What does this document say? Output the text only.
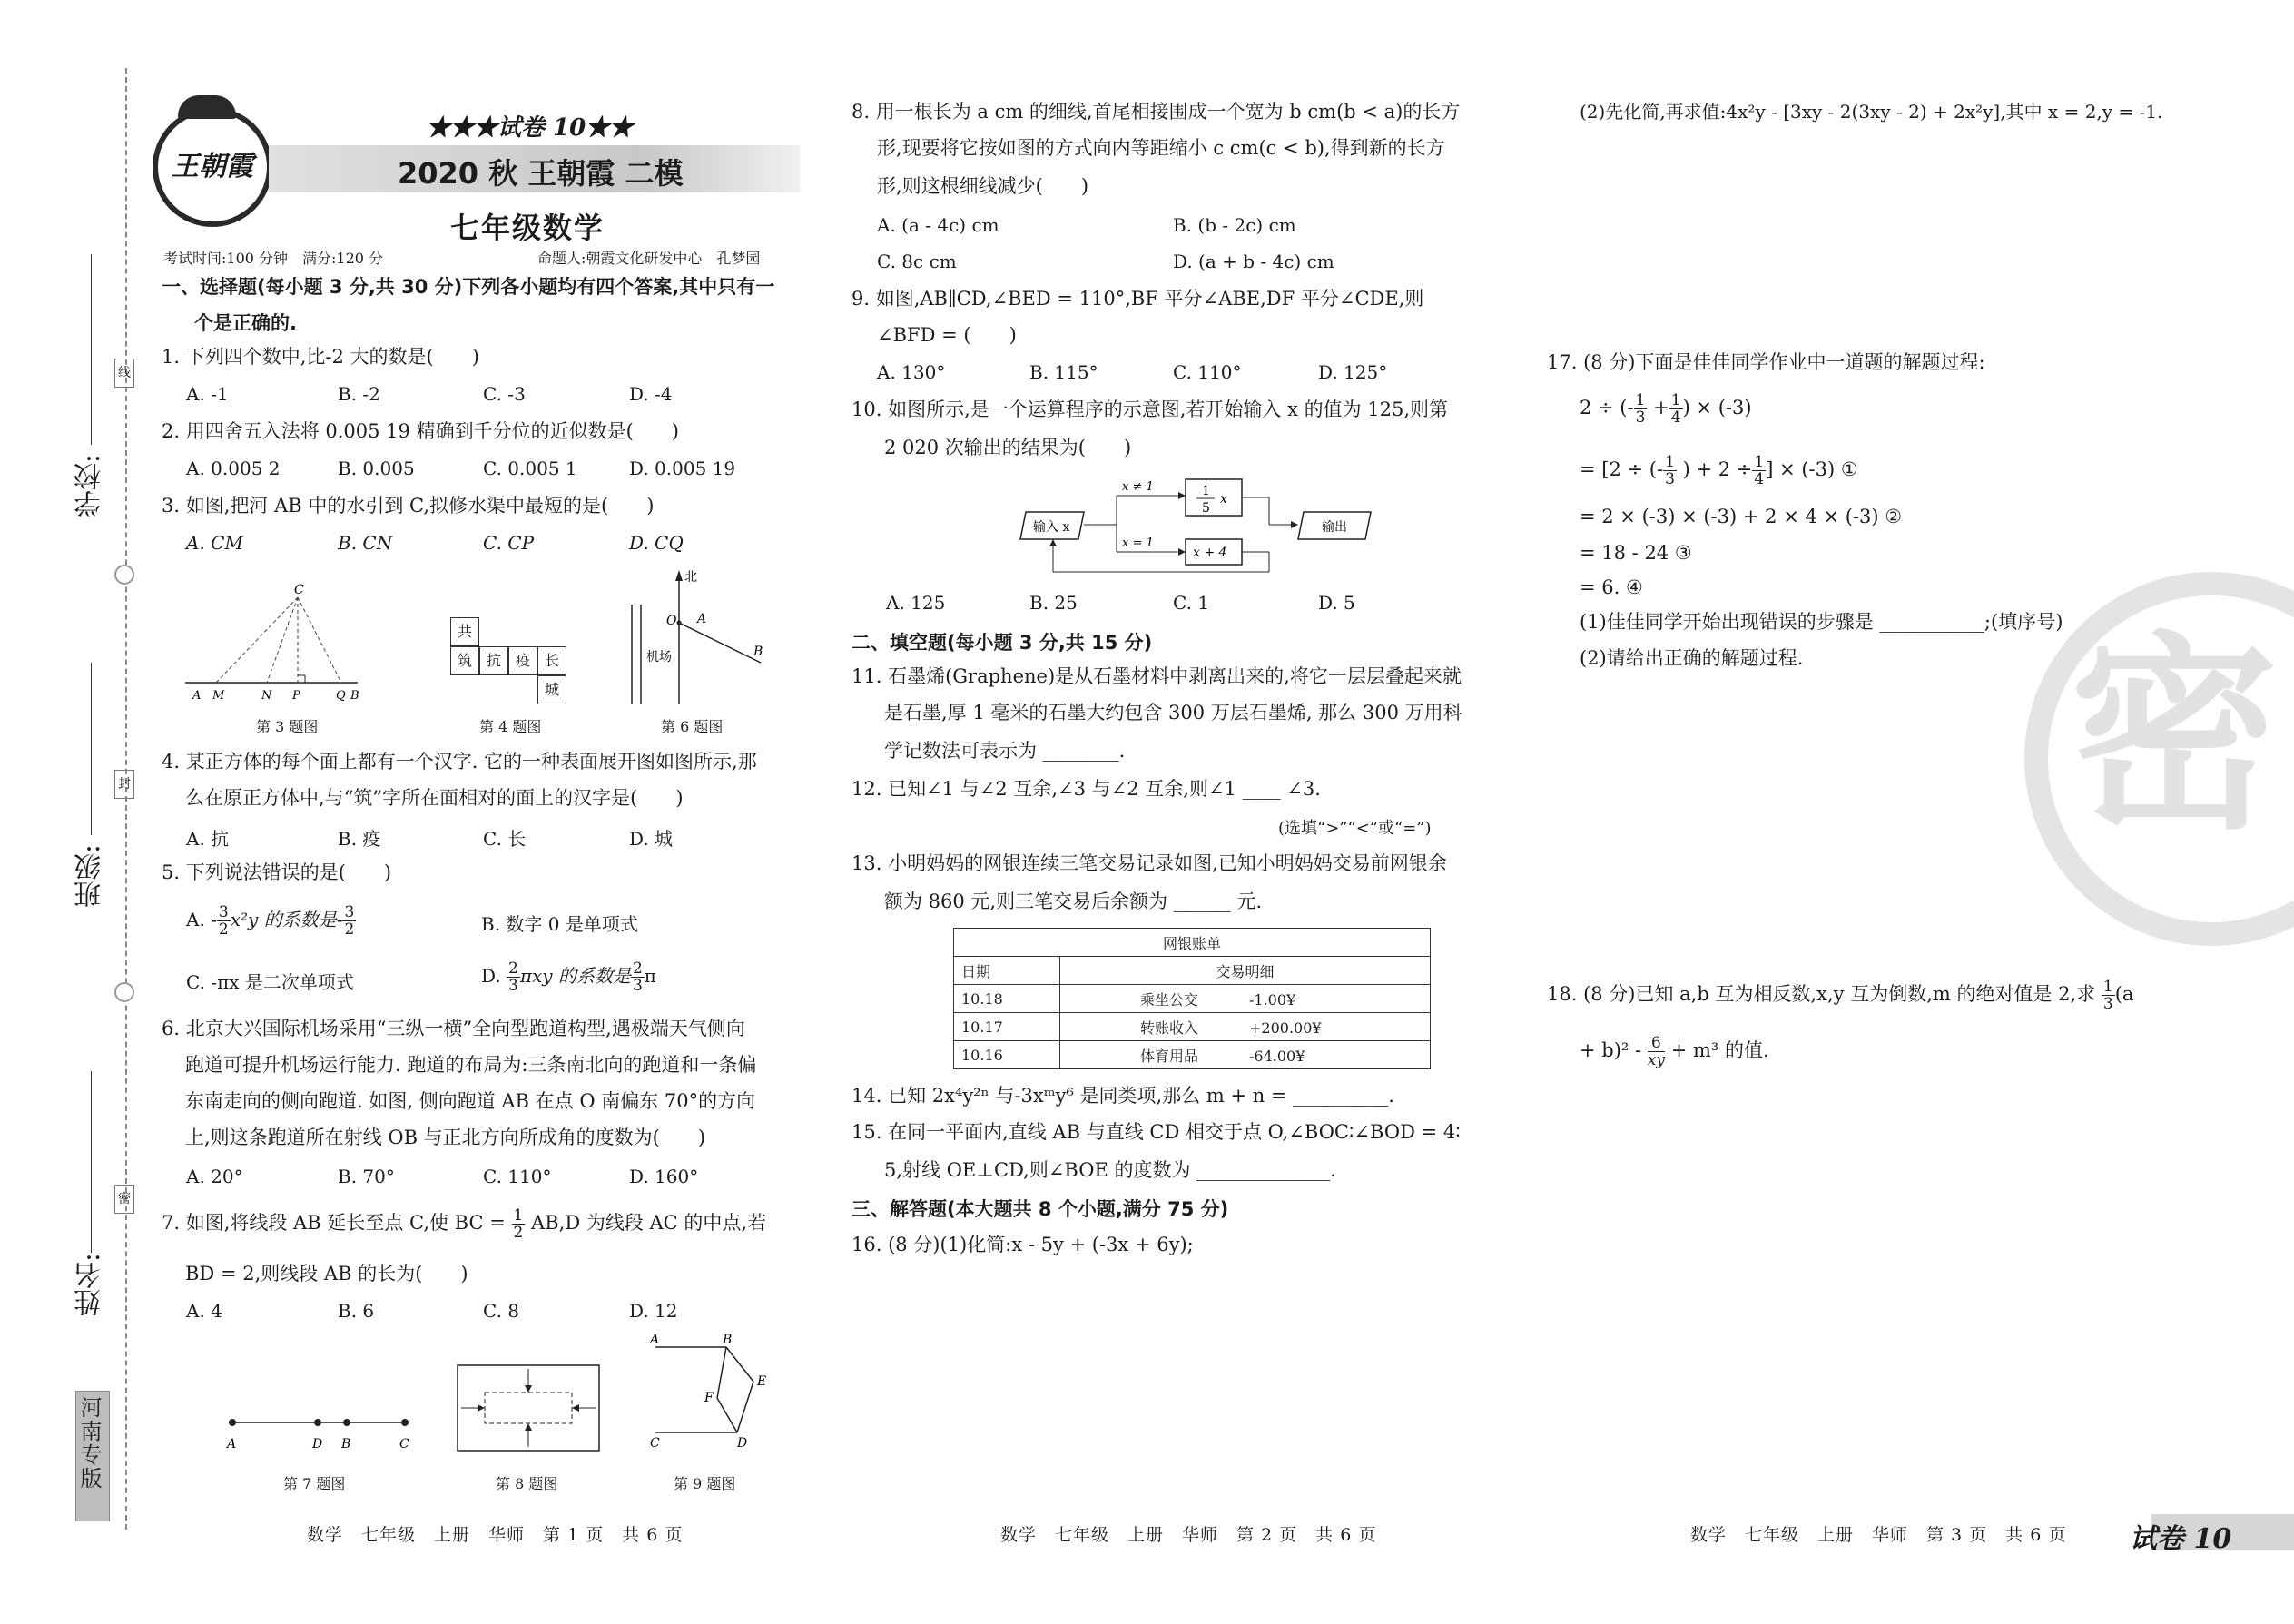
学校:
班级:
姓名:
线
封
密
河南专版
王朝霞
★★★试卷 10★★
2020 秋 王朝霞 二模
七年级数学
考试时间:100 分钟　满分:120 分	命题人:朝霞文化研发中心　孔梦园
一、选择题(每小题 3 分,共 30 分)下列各小题均有四个答案,其中只有一
个是正确的.
1. 下列四个数中,比-2 大的数是(　　)
A. -1	B. -2	C. -3	D. -4
2. 用四舍五入法将 0.005 19 精确到千分位的近似数是(　　)
A. 0.005 2	B. 0.005	C. 0.005 1	D. 0.005 19
3. 如图,把河 AB 中的水引到 C,拟修水渠中最短的是(　　)
A. CM	B. CN	C. CP	D. CQ
C
A M	N P	Q B
第 3 题图
共
筑 抗 疫 长
城
第 4 题图
北
机场
O A
B
第 6 题图
4. 某正方体的每个面上都有一个汉字. 它的一种表面展开图如图所示,那
么在原正方体中,与“筑”字所在面相对的面上的汉字是(　　)
A. 抗	B. 疫	C. 长	D. 城
5. 下列说法错误的是(　　)
A. - $\frac{3}{2} x^2y$ 的系数是- $\frac{3}{2}$	B. 数字 0 是单项式
C. -πx 是二次单项式	D. $\frac{2}{3}$ πxy 的系数是 $\frac{2}{3}$ π
6. 北京大兴国际机场采用“三纵一横”全向型跑道构型,遇极端天气侧向
跑道可提升机场运行能力. 跑道的布局为:三条南北向的跑道和一条偏
东南走向的侧向跑道. 如图, 侧向跑道 AB 在点 O 南偏东 70°的方向
上,则这条跑道所在射线 OB 与正北方向所成角的度数为(　　)
A. 20°	B. 70°	C. 110°	D. 160°
7. 如图,将线段 AB 延长至点 C,使 BC = $\frac{1}{2} AB,D$ 为线段 AC 的中点,若
BD = 2,则线段 AB 的长为(　　)
A. 4	B. 6	C. 8	D. 12
A	D B	C
第 7 题图	第 8 题图
A	B
E
F
C	D
第 9 题图
数学　七年级　上册　华师　第 1 页　共 6 页
8. 用一根长为 a cm 的细线,首尾相接围成一个宽为 b cm(b < a)的长方
形,现要将它按如图的方式向内等距缩小 c cm(c < b),得到新的长方
形,则这根细线减少(　　)
A. (a - 4c) cm	B. (b - 2c) cm
C. 8c cm	D. (a + b - 4c) cm
9. 如图,AB∥CD,∠BED = 110°,BF 平分∠ABE,DF 平分∠CDE,则
∠BFD = (　　)
A. 130°	B. 115°	C. 110°	D. 125°
10. 如图所示,是一个运算程序的示意图,若开始输入 x 的值为 125,则第
2 020 次输出的结果为(　　)
输入 x
x ≠ 1
x = 1
1
5
x
x + 4
输出
A. 125	B. 25	C. 1	D. 5
二、填空题(每小题 3 分,共 15 分)
11. 石墨烯(Graphene)是从石墨材料中剥离出来的,将它一层层叠起来就
是石墨,厚 1 毫米的石墨大约包含 300 万层石墨烯, 那么 300 万用科
学记数法可表示为 ________.
12. 已知∠1 与∠2 互余,∠3 与∠2 互余,则∠1 ____ ∠3.
(选填“>”“<”或“=”)
13. 小明妈妈的网银连续三笔交易记录如图,已知小明妈妈交易前网银余
额为 860 元,则三笔交易后余额为 ______ 元.
网银账单	
日期	交易明细
10.18	乘坐公交 -1.00¥
10.17	转账收入 +200.00¥
10.16	体育用品 -64.00¥
14. 已知 2x⁴y²ⁿ 与-3xᵐy⁶ 是同类项,那么 m + n = __________.
15. 在同一平面内,直线 AB 与直线 CD 相交于点 O,∠BOC∶∠BOD = 4∶
5,射线 OE⊥CD,则∠BOE 的度数为 ______________.
三、解答题(本大题共 8 个小题,满分 75 分)
16. (8 分)(1)化简:x - 5y + (-3x + 6y);
数学　七年级　上册　华师　第 2 页　共 6 页
(2)先化简,再求值:4x²y - [3xy - 2(3xy - 2) + 2x²y],其中 x = 2,y = -1.
17. (8 分)下面是佳佳同学作业中一道题的解题过程:
2 ÷ (- $\frac{1}{3} + \frac{1}{4}$ ) × (-3)
= [2 ÷ (- $\frac{1}{3}$ ) + $2 \div \frac{1}{4}$ ] × (-3) ①
= 2 × (-3) × (-3) + 2 × 4 × (-3) ②
= 18 - 24 ③
= 6. ④
(1)佳佳同学开始出现错误的步骤是 ___________;(填序号)
(2)请给出正确的解题过程.
18. (8 分)已知 a,b 互为相反数,x,y 互为倒数,m 的绝对值是 2,求 $\frac{1}{3} (a$
+ $b)^2 - \frac{6}{xy} + m^3$ 的值.
密
数学　七年级　上册　华师　第 3 页　共 6 页 试卷 10
